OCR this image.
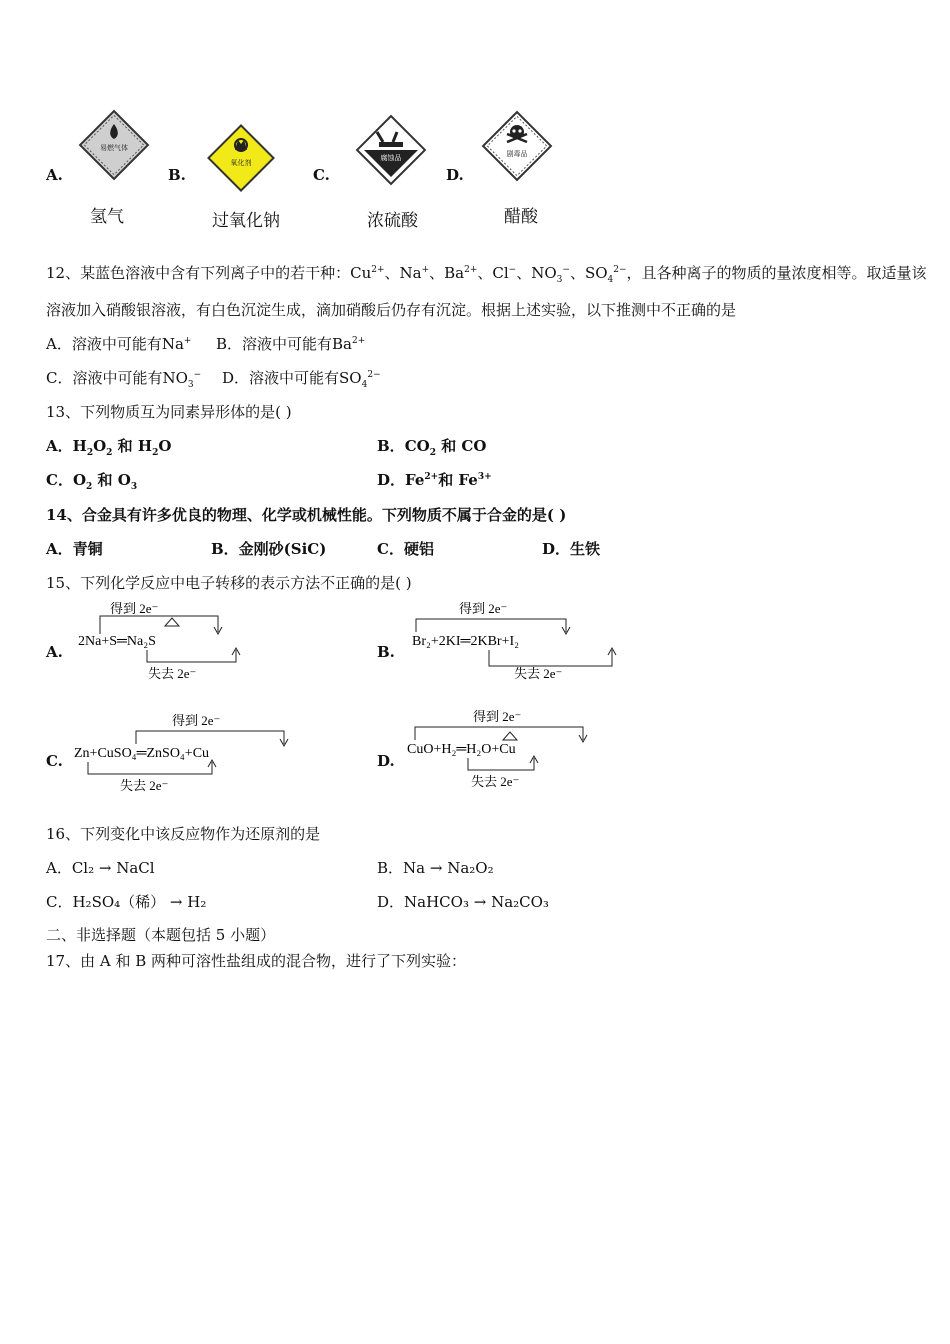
A.
易燃气体
氢气
B.
氧化剂
过氧化钠
C.
腐蚀品
浓硫酸
D.
剧毒品
醋酸
12、某蓝色溶液中含有下列离子中的若干种：$Cu^{2+}$、Na+、$Ba^{2+}$、Cl−、$NO_3^-$、$SO_4^{2-}$，且各种离子的物质的量浓度相等。取适量该
溶液加入硝酸银溶液，有白色沉淀生成，滴加硝酸后仍存有沉淀。根据上述实验，以下推测中不正确的是
A．溶液中可能有Na+ B．溶液中可能有$Ba^{2+}$
C．溶液中可能有$NO_3^-$ D．溶液中可能有$SO_4^{2-}$
13、下列物质互为同素异形体的是( )
A．$H_2O_2$ 和 $H_2O$	B．$CO_2$ 和 CO
C．$O_2$ 和 $O_3$	D．$Fe^{2+}$和 $Fe^{3+}$
14、合金具有许多优良的物理、化学或机械性能。下列物质不属于合金的是( )
A．青铜	B．金刚砂(SiC)	C．硬铝	D．生铁
15、下列化学反应中电子转移的表示方法不正确的是( )
A.
得到 2e⁻
2Na+S═Na₂S
失去 2e⁻
B.
得到 2e⁻
Br₂+2KI═2KBr+I₂
失去 2e⁻
C.
得到 2e⁻
Zn+CuSO₄═ZnSO₄+Cu
失去 2e⁻
D.
得到 2e⁻
CuO+H₂═H₂O+Cu
失去 2e⁻
16、下列变化中该反应物作为还原剂的是
A．Cl₂ → NaCl	B．Na → Na₂O₂
C．H₂SO₄（稀） → H₂	D．NaHCO₃ → Na₂CO₃
二、非选择题（本题包括 5 小题）
17、由 A 和 B 两种可溶性盐组成的混合物，进行了下列实验：
